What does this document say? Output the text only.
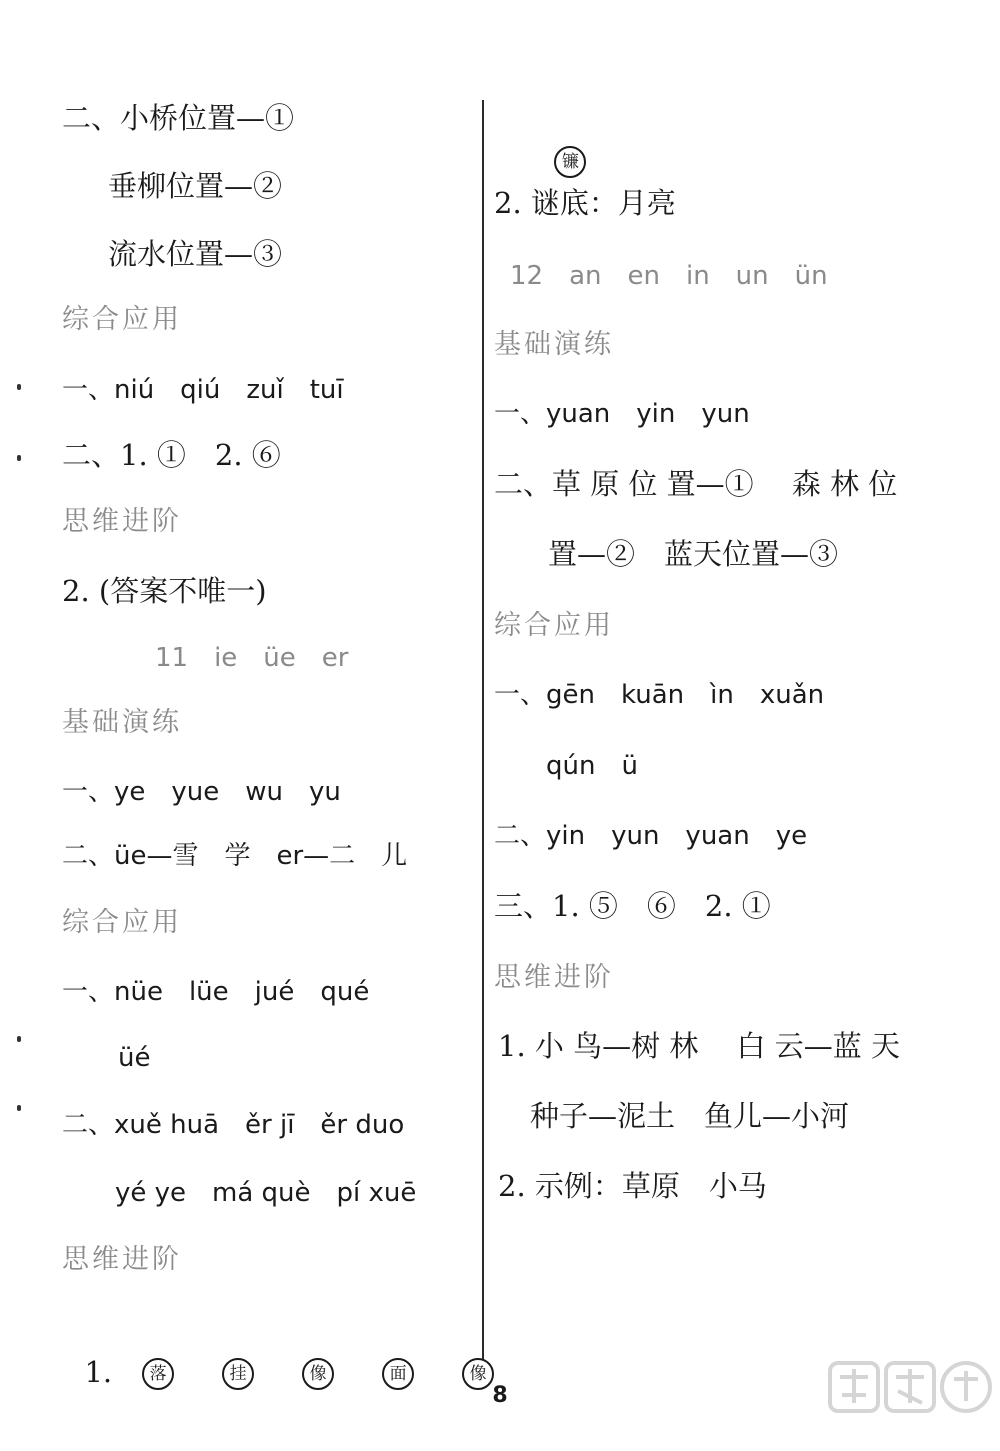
二、小桥位置—①
垂柳位置—②
流水位置—③
综合应用
一、niú　qiú　zuǐ　tuī
二、1. ①　2. ⑥
思维进阶
2. (答案不唯一)
11　ie　üe　er
基础演练
一、ye　yue　wu　yu
二、üe—雪　学　er—二　儿
综合应用
一、nüe　lüe　jué　qué
üé
二、xuě huā　ěr jī　ěr duo
yé ye　má què　pí xuē
思维进阶

1. 落	挂	像	面	像

镰

2. 谜底：月亮
12　an　en　in　un　ün
基础演练
一、yuan　yin　yun
二、草 原 位 置—①　 森 林 位
置—②　蓝天位置—③
综合应用
一、gēn　kuān　ìn　xuǎn
qún　ü
二、yin　yun　yuan　ye
三、1. ⑤　⑥　2. ①
思维进阶
1. 小 鸟—树 林　 白 云—蓝 天
种子—泥土　鱼儿—小河
2. 示例：草原　小马
8
